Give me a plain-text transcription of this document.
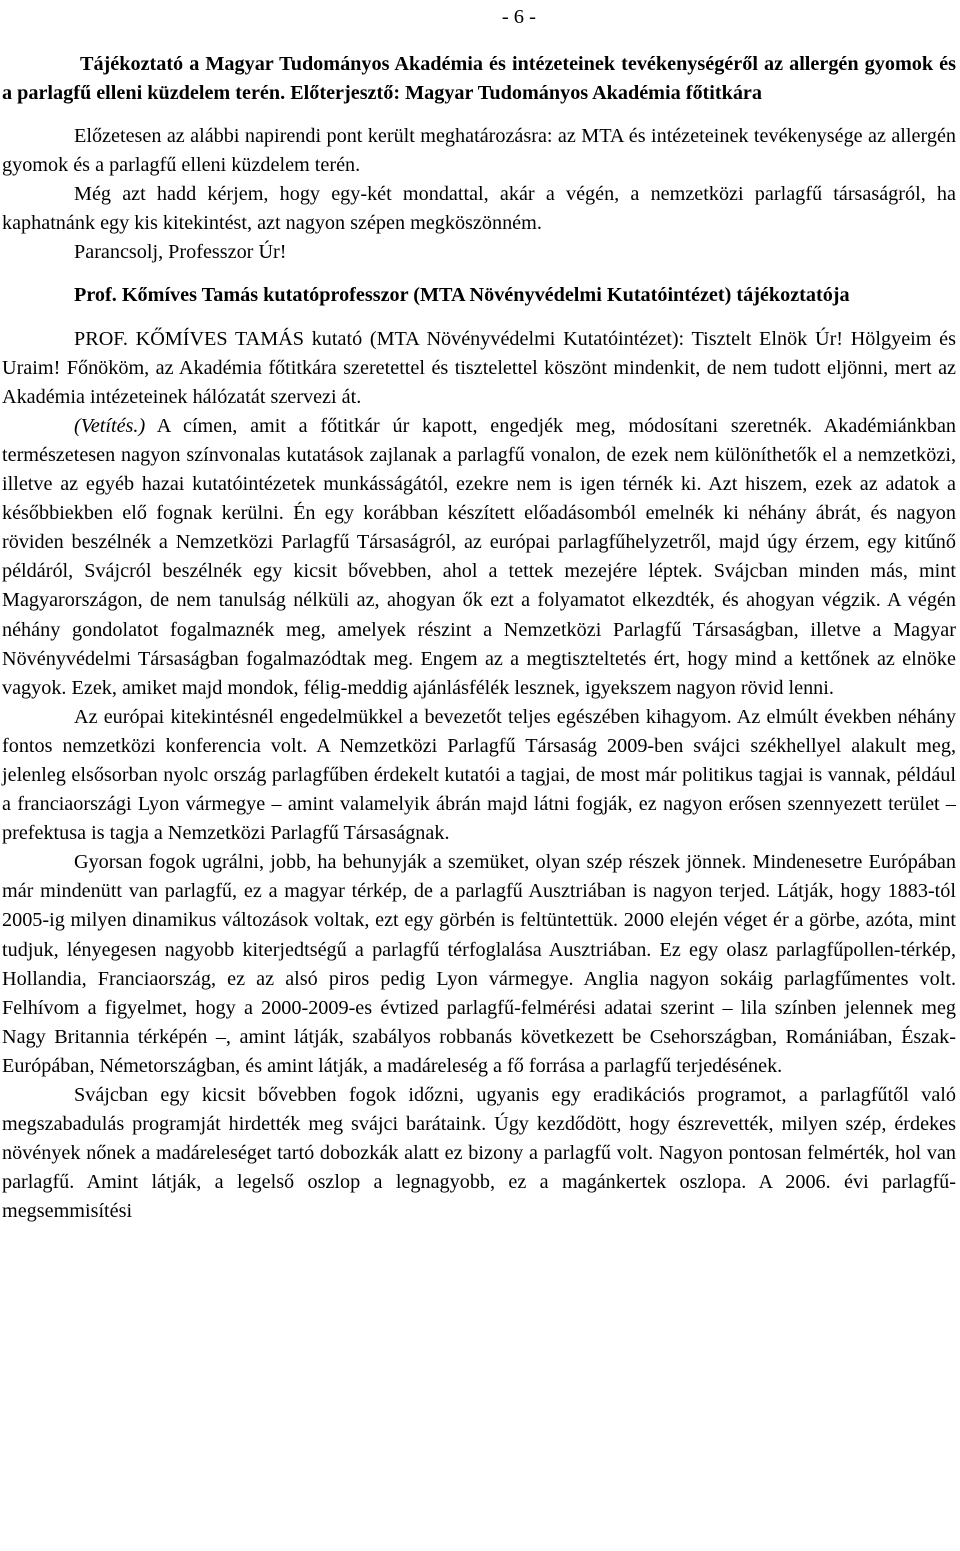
- 6 -

Tájékoztató a Magyar Tudományos Akadémia és intézeteinek tevékenységéről az allergén gyomok és a parlagfű elleni küzdelem terén. Előterjesztő: Magyar Tudományos Akadémia főtitkára

Előzetesen az alábbi napirendi pont került meghatározásra: az MTA és intézeteinek tevékenysége az allergén gyomok és a parlagfű elleni küzdelem terén.

Még azt hadd kérjem, hogy egy-két mondattal, akár a végén, a nemzetközi parlagfű társaságról, ha kaphatnánk egy kis kitekintést, azt nagyon szépen megköszönném.

Parancsolj, Professzor Úr!

Prof. Kőmíves Tamás kutatóprofesszor (MTA Növényvédelmi Kutatóintézet) tájékoztatója

PROF. KŐMÍVES TAMÁS kutató (MTA Növényvédelmi Kutatóintézet): Tisztelt Elnök Úr! Hölgyeim és Uraim! Főnököm, az Akadémia főtitkára szeretettel és tisztelettel köszönt mindenkit, de nem tudott eljönni, mert az Akadémia intézeteinek hálózatát szervezi át.

(Vetítés.) A címen, amit a főtitkár úr kapott, engedjék meg, módosítani szeretnék. Akadémiánkban természetesen nagyon színvonalas kutatások zajlanak a parlagfű vonalon, de ezek nem különíthetők el a nemzetközi, illetve az egyéb hazai kutatóintézetek munkásságától, ezekre nem is igen térnék ki. Azt hiszem, ezek az adatok a későbbiekben elő fognak kerülni. Én egy korábban készített előadásomból emelnék ki néhány ábrát, és nagyon röviden beszélnék a Nemzetközi Parlagfű Társaságról, az európai parlagfűhelyzetről, majd úgy érzem, egy kitűnő példáról, Svájcról beszélnék egy kicsit bővebben, ahol a tettek mezejére léptek. Svájcban minden más, mint Magyarországon, de nem tanulság nélküli az, ahogyan ők ezt a folyamatot elkezdték, és ahogyan végzik. A végén néhány gondolatot fogalmaznék meg, amelyek részint a Nemzetközi Parlagfű Társaságban, illetve a Magyar Növényvédelmi Társaságban fogalmazódtak meg. Engem az a megtiszteltetés ért, hogy mind a kettőnek az elnöke vagyok. Ezek, amiket majd mondok, félig-meddig ajánlásfélék lesznek, igyekszem nagyon rövid lenni.

Az európai kitekintésnél engedelmükkel a bevezetőt teljes egészében kihagyom. Az elmúlt években néhány fontos nemzetközi konferencia volt. A Nemzetközi Parlagfű Társaság 2009-ben svájci székhellyel alakult meg, jelenleg elsősorban nyolc ország parlagfűben érdekelt kutatói a tagjai, de most már politikus tagjai is vannak, például a franciaországi Lyon vármegye – amint valamelyik ábrán majd látni fogják, ez nagyon erősen szennyezett terület – prefektusa is tagja a Nemzetközi Parlagfű Társaságnak.

Gyorsan fogok ugrálni, jobb, ha behunyják a szemüket, olyan szép részek jönnek. Mindenesetre Európában már mindenütt van parlagfű, ez a magyar térkép, de a parlagfű Ausztriában is nagyon terjed. Látják, hogy 1883-tól 2005-ig milyen dinamikus változások voltak, ezt egy görbén is feltüntettük. 2000 elején véget ér a görbe, azóta, mint tudjuk, lényegesen nagyobb kiterjedtségű a parlagfű térfoglalása Ausztriában. Ez egy olasz parlagfűpollen-térkép, Hollandia, Franciaország, ez az alsó piros pedig Lyon vármegye. Anglia nagyon sokáig parlagfűmentes volt. Felhívom a figyelmet, hogy a 2000-2009-es évtized parlagfű-felmérési adatai szerint – lila színben jelennek meg Nagy Britannia térképén –, amint látják, szabályos robbanás következett be Csehországban, Romániában, Észak-Európában, Németországban, és amint látják, a madáreleség a fő forrása a parlagfű terjedésének.

Svájcban egy kicsit bővebben fogok időzni, ugyanis egy eradikációs programot, a parlagfűtől való megszabadulás programját hirdették meg svájci barátaink. Úgy kezdődött, hogy észrevették, milyen szép, érdekes növények nőnek a madáreleséget tartó dobozkák alatt ez bizony a parlagfű volt. Nagyon pontosan felmérték, hol van parlagfű. Amint látják, a legelső oszlop a legnagyobb, ez a magánkertek oszlopa. A 2006. évi parlagfű-megsemmisítési
